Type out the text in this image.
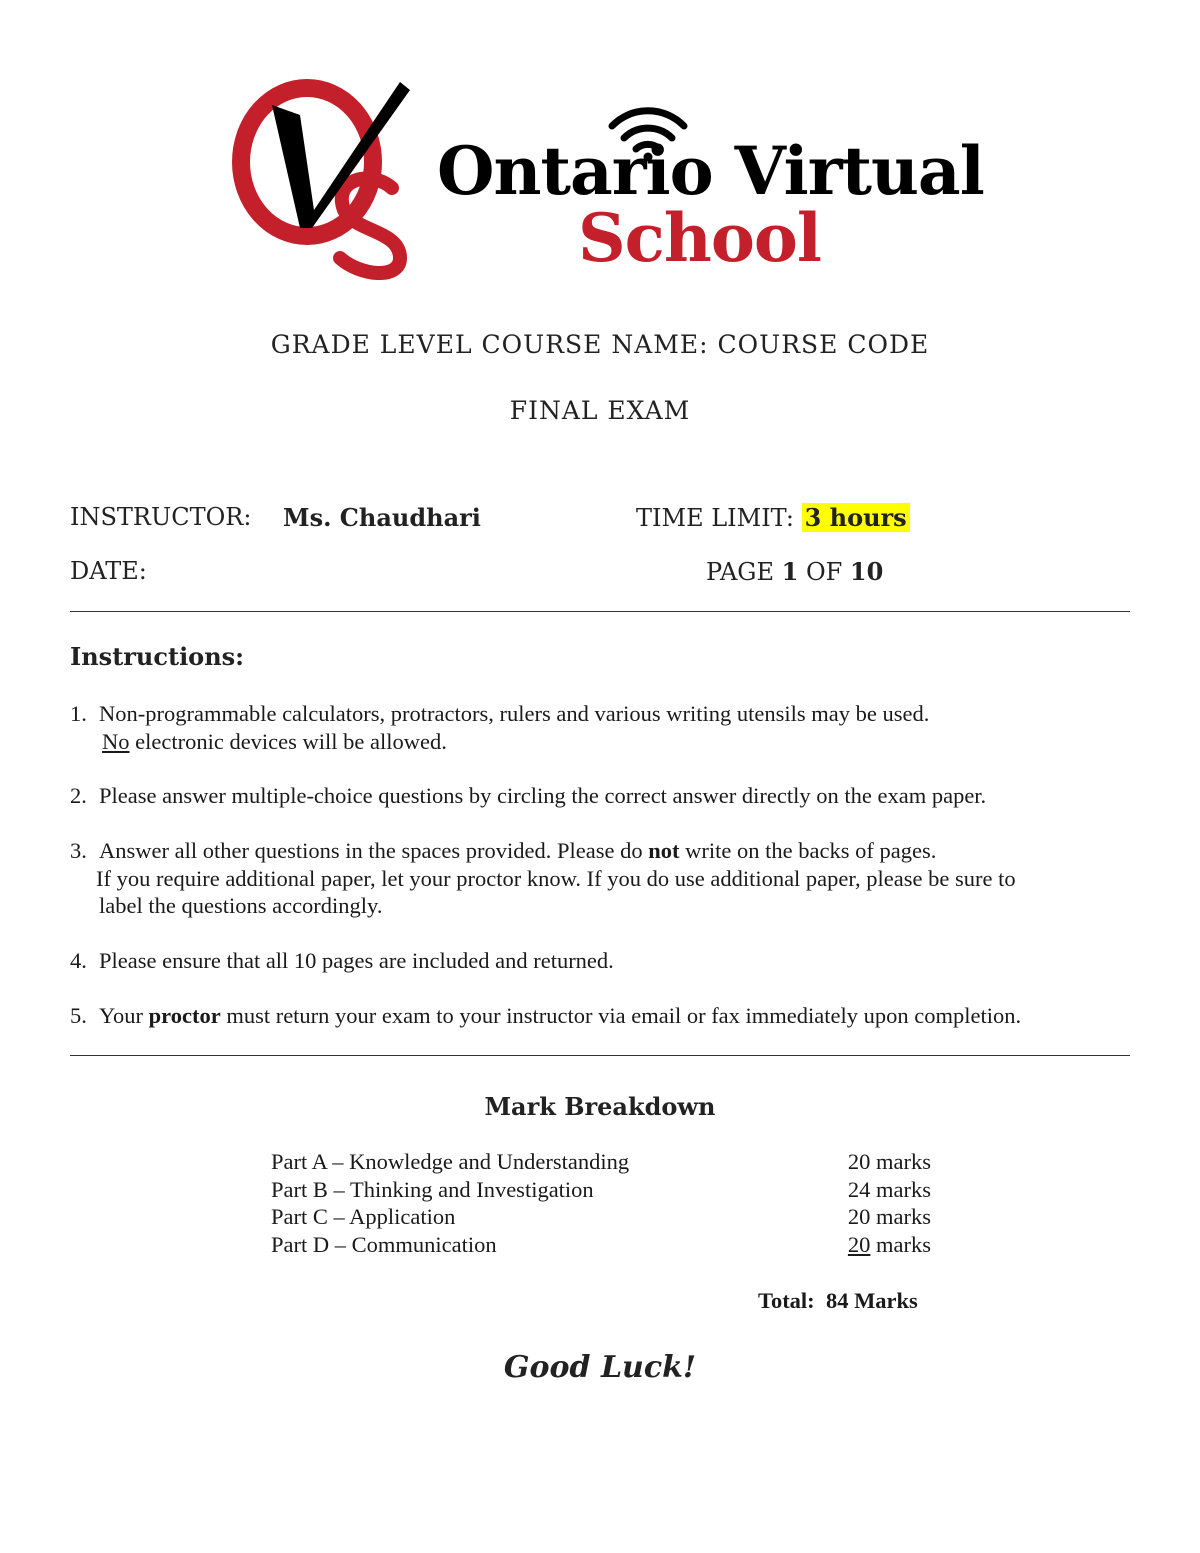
Ontario Virtual
School
GRADE LEVEL COURSE NAME: COURSE CODE
FINAL EXAM
INSTRUCTOR: Ms. Chaudhari	TIME LIMIT: 3 hours
DATE:	PAGE 1 OF 10
Instructions:
1. Non-programmable calculators, protractors, rulers and various writing utensils may be used.
No electronic devices will be allowed.
2. Please answer multiple-choice questions by circling the correct answer directly on the exam paper.
3. Answer all other questions in the spaces provided. Please do not write on the backs of pages.
If you require additional paper, let your proctor know. If you do use additional paper, please be sure to
label the questions accordingly.
4. Please ensure that all 10 pages are included and returned.
5. Your proctor must return your exam to your instructor via email or fax immediately upon completion.
Mark Breakdown
Part A – Knowledge and Understanding	20 marks
Part B – Thinking and Investigation	24 marks
Part C – Application	20 marks
Part D – Communication	20 marks
Total: 84 Marks
Good Luck!
